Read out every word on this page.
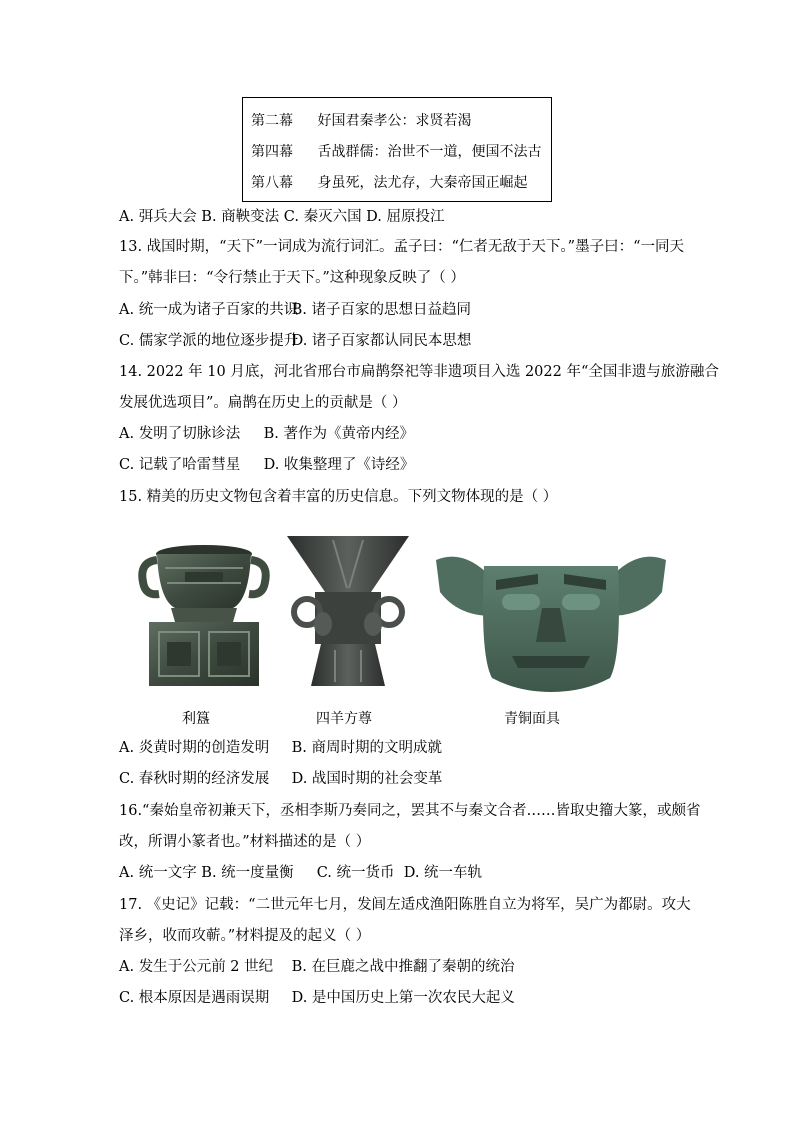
第二幕 好国君秦孝公：求贤若渴
第四幕 舌战群儒：治世不一道，便国不法古
第八幕 身虽死，法尤存，大秦帝国正崛起
A. 弭兵大会 B. 商鞅变法 C. 秦灭六国 D. 屈原投江
13. 战国时期，“天下”一词成为流行词汇。孟子曰：“仁者无敌于天下。”墨子曰：“一同天
下。”韩非曰：“令行禁止于天下。”这种现象反映了（ ）
A. 统一成为诸子百家的共识 B. 诸子百家的思想日益趋同
C. 儒家学派的地位逐步提升 D. 诸子百家都认同民本思想
14. 2022 年 10 月底，河北省邢台市扁鹊祭祀等非遗项目入选 2022 年“全国非遗与旅游融合
发展优选项目”。扁鹊在历史上的贡献是（ ）
A. 发明了切脉诊法 B. 著作为《黄帝内经》
C. 记载了哈雷彗星 D. 收集整理了《诗经》
15. 精美的历史文物包含着丰富的历史信息。下列文物体现的是（ ）
利簋	四羊方尊	青铜面具
A. 炎黄时期的创造发明 B. 商周时期的文明成就
C. 春秋时期的经济发展 D. 战国时期的社会变革
16.“秦始皇帝初兼天下，丞相李斯乃奏同之，罢其不与秦文合者……皆取史籀大篆，或颇省
改，所谓小篆者也。”材料描述的是（ ）
A. 统一文字 B. 统一度量衡     C. 统一货币  D. 统一车轨
17. 《史记》记载：“二世元年七月，发闾左适戍渔阳陈胜自立为将军，吴广为都尉。攻大
泽乡，收而攻蕲。”材料提及的起义（ ）
A. 发生于公元前 2 世纪 B. 在巨鹿之战中推翻了秦朝的统治
C. 根本原因是遇雨误期 D. 是中国历史上第一次农民大起义
